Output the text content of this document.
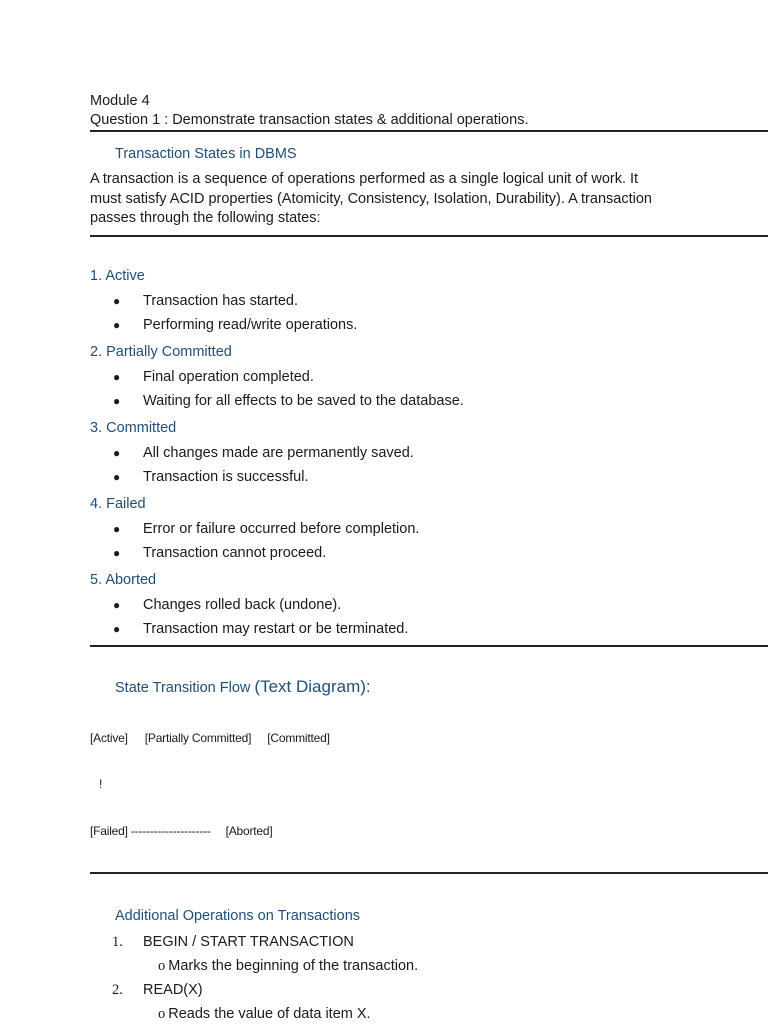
Module 4
Question 1 : Demonstrate transaction states & additional operations.
Transaction States in DBMS
A transaction is a sequence of operations performed as a single logical unit of work. It
must satisfy ACID properties (Atomicity, Consistency, Isolation, Durability). A transaction
passes through the following states:
1. Active
● Transaction has started.
● Performing read/write operations.
2. Partially Committed
● Final operation completed.
● Waiting for all effects to be saved to the database.
3. Committed
● All changes made are permanently saved.
● Transaction is successful.
4. Failed
● Error or failure occurred before completion.
● Transaction cannot proceed.
5. Aborted
● Changes rolled back (undone).
● Transaction may restart or be terminated.
State Transition Flow (Text Diagram):

[Active] [Partially Committed] [Committed]

!

[Failed] --------------------- [Aborted]

Additional Operations on Transactions
1. BEGIN / START TRANSACTION
o Marks the beginning of the transaction.
2. READ(X)
o Reads the value of data item X.
